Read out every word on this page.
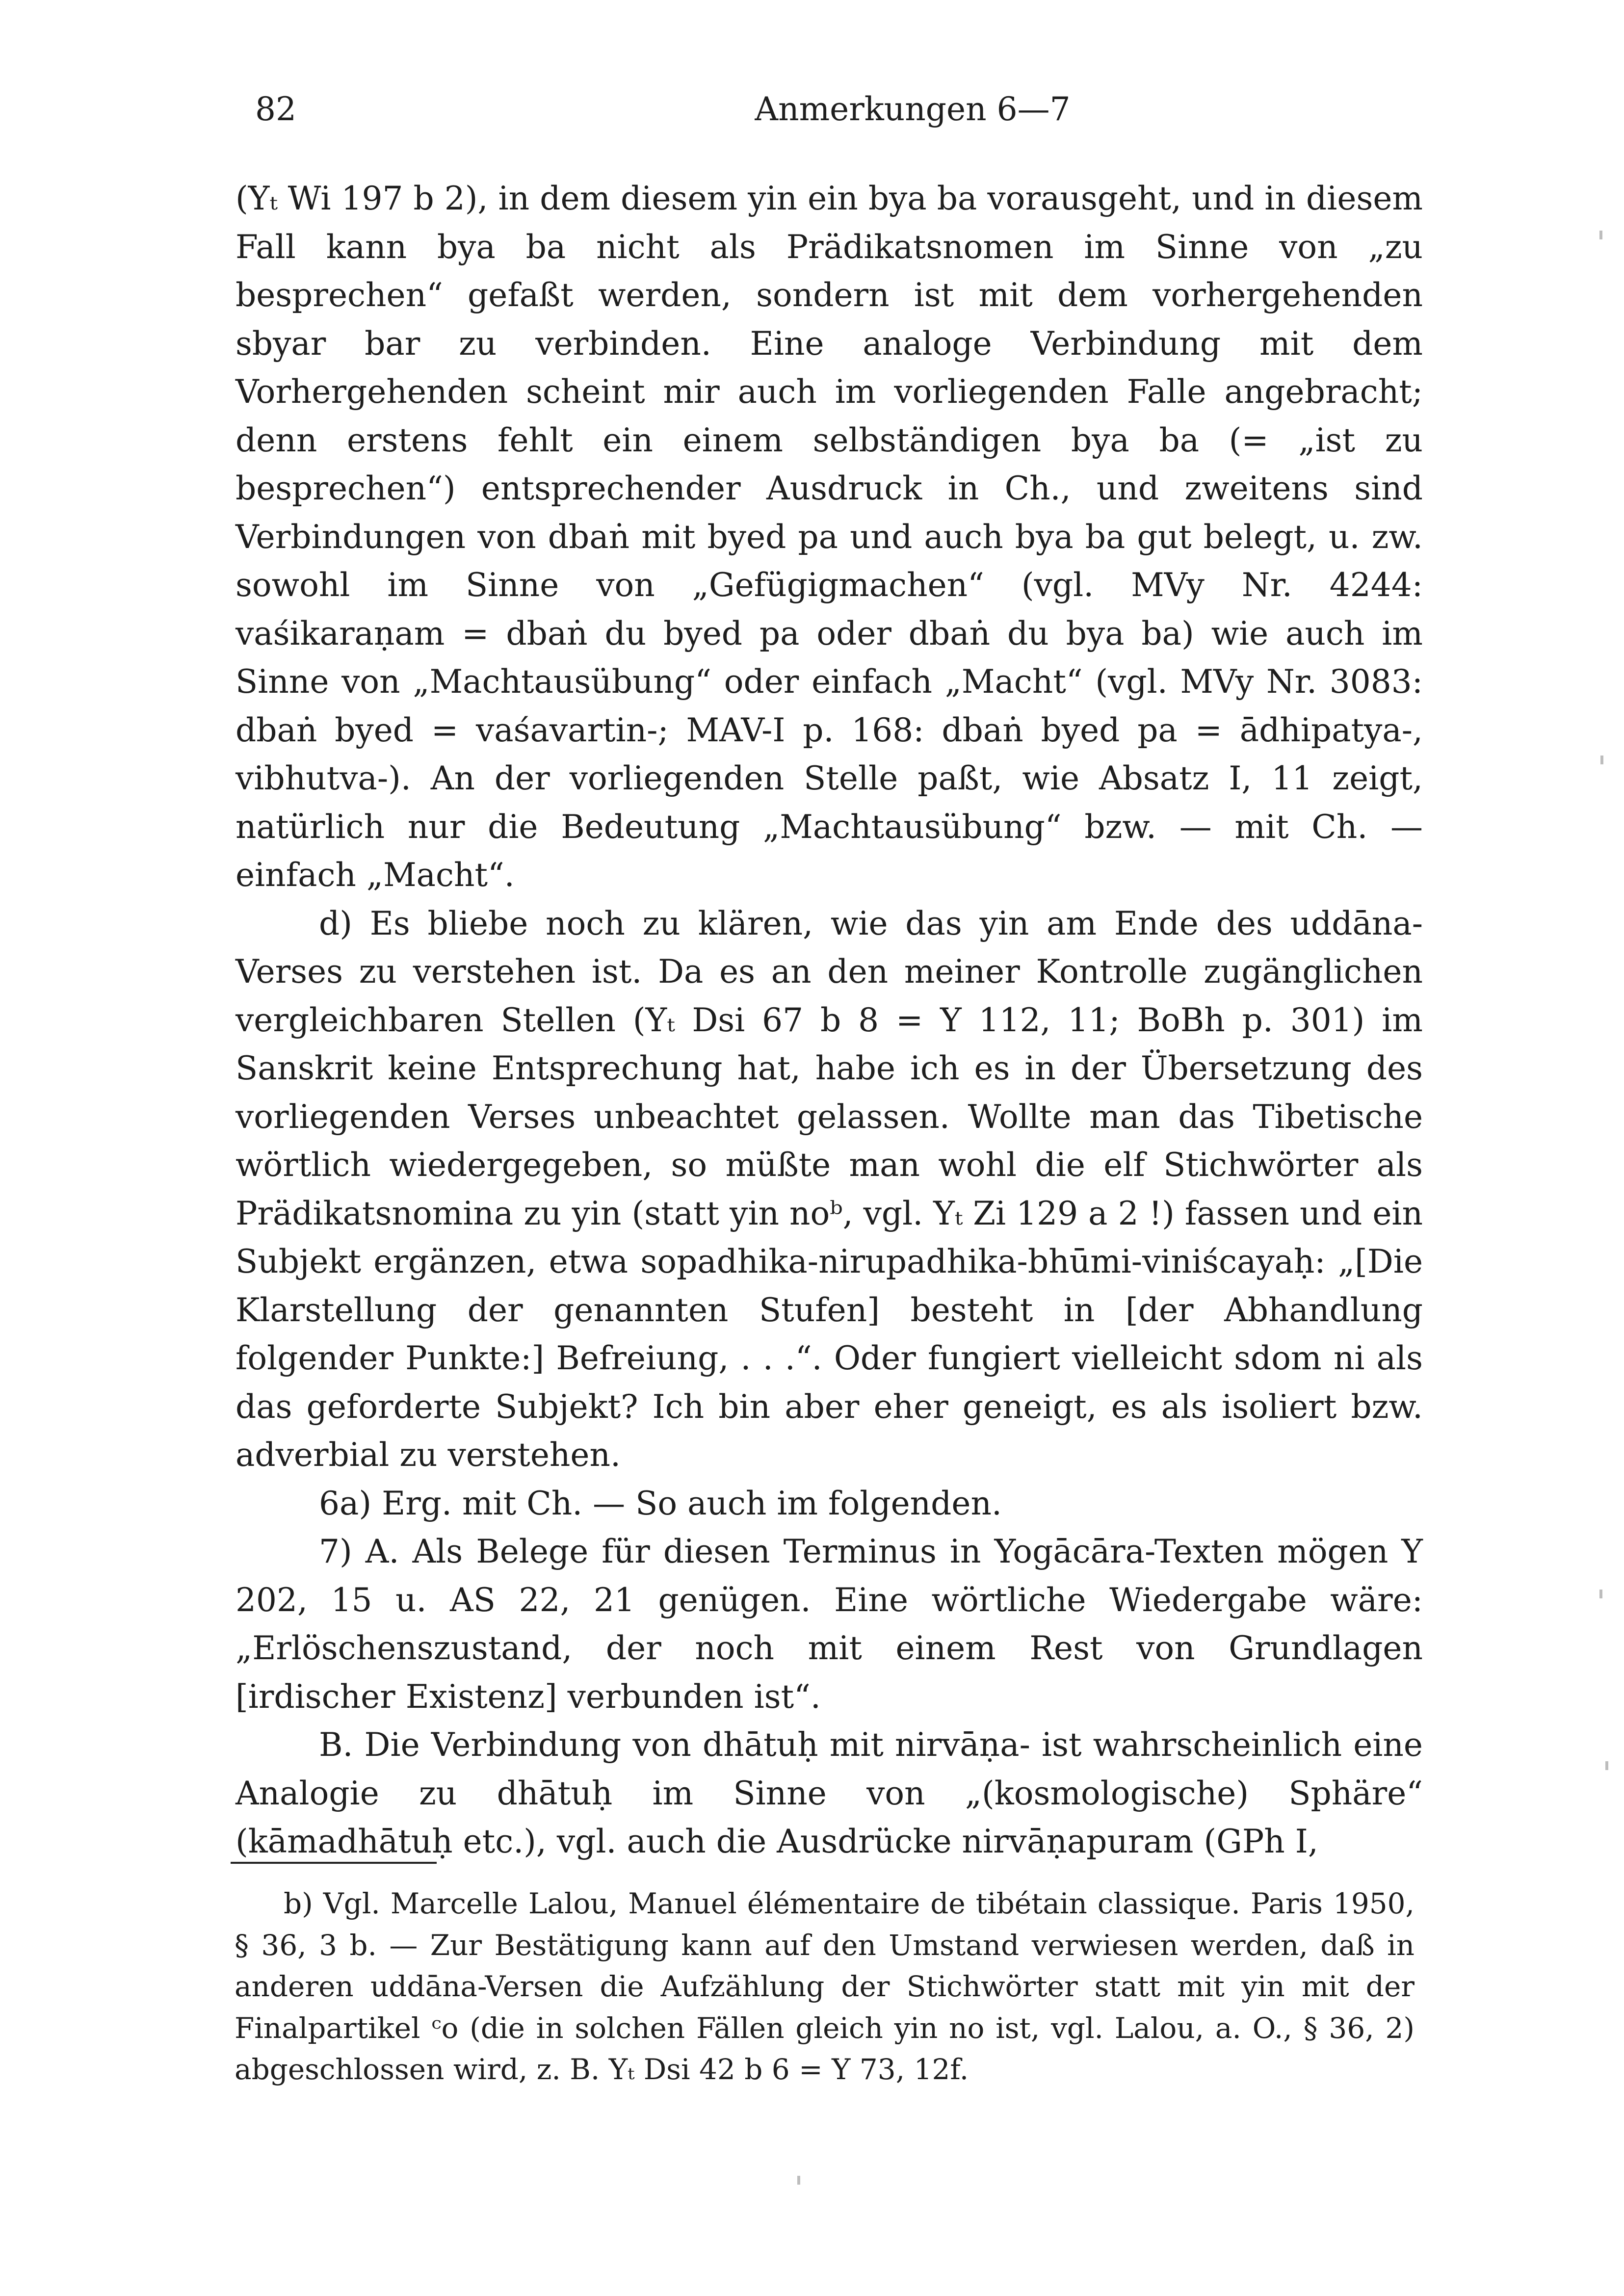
82	Anmerkungen 6—7

(Yₜ Wi 197 b 2), in dem diesem yin ein bya ba vorausgeht, und in diesem Fall kann bya ba nicht als Prädikatsnomen im Sinne von „zu besprechen“ gefaßt werden, sondern ist mit dem vorhergehenden sbyar bar zu verbinden. Eine analoge Verbindung mit dem Vorhergehenden scheint mir auch im vorliegenden Falle angebracht; denn erstens fehlt ein einem selbständigen bya ba (= „ist zu besprechen“) entsprechender Ausdruck in Ch., und zweitens sind Verbindungen von dbaṅ mit byed pa und auch bya ba gut belegt, u. zw. sowohl im Sinne von „Gefügigmachen“ (vgl. MVy Nr. 4244: vaśikaraṇam = dbaṅ du byed pa oder dbaṅ du bya ba) wie auch im Sinne von „Machtausübung“ oder einfach „Macht“ (vgl. MVy Nr. 3083: dbaṅ byed = vaśavartin-; MAV-I p. 168: dbaṅ byed pa = ādhipatya-, vibhutva-). An der vorliegenden Stelle paßt, wie Absatz I, 11 zeigt, natürlich nur die Bedeutung „Machtausübung“ bzw. — mit Ch. — einfach „Macht“.

d) Es bliebe noch zu klären, wie das yin am Ende des uddāna-Verses zu verstehen ist. Da es an den meiner Kontrolle zugänglichen vergleichbaren Stellen (Yₜ Dsi 67 b 8 = Y 112, 11; BoBh p. 301) im Sanskrit keine Entsprechung hat, habe ich es in der Übersetzung des vorliegenden Verses unbeachtet gelassen. Wollte man das Tibetische wörtlich wiedergegeben, so müßte man wohl die elf Stichwörter als Prädikatsnomina zu yin (statt yin noᵇ, vgl. Yₜ Zi 129 a 2 !) fassen und ein Subjekt ergänzen, etwa sopadhika-nirupadhika-bhūmi-viniścayaḥ: „[Die Klarstellung der genannten Stufen] besteht in [der Abhandlung folgender Punkte:] Befreiung, . . .“. Oder fungiert vielleicht sdom ni als das geforderte Subjekt? Ich bin aber eher geneigt, es als isoliert bzw. adverbial zu verstehen.

6a) Erg. mit Ch. — So auch im folgenden.

7) A. Als Belege für diesen Terminus in Yogācāra-Texten mögen Y 202, 15 u. AS 22, 21 genügen. Eine wörtliche Wiedergabe wäre: „Erlöschenszustand, der noch mit einem Rest von Grundlagen [irdischer Existenz] verbunden ist“.

B. Die Verbindung von dhātuḥ mit nirvāṇa- ist wahrscheinlich eine Analogie zu dhātuḥ im Sinne von „(kosmologische) Sphäre“ (kāmadhātuḥ etc.), vgl. auch die Ausdrücke nirvāṇapuram (GPh I,

b) Vgl. Marcelle Lalou, Manuel élémentaire de tibétain classique. Paris 1950, § 36, 3 b. — Zur Bestätigung kann auf den Umstand verwiesen werden, daß in anderen uddāna-Versen die Aufzählung der Stichwörter statt mit yin mit der Finalpartikel ᶜo (die in solchen Fällen gleich yin no ist, vgl. Lalou, a. O., § 36, 2) abgeschlossen wird, z. B. Yₜ Dsi 42 b 6 = Y 73, 12f.
